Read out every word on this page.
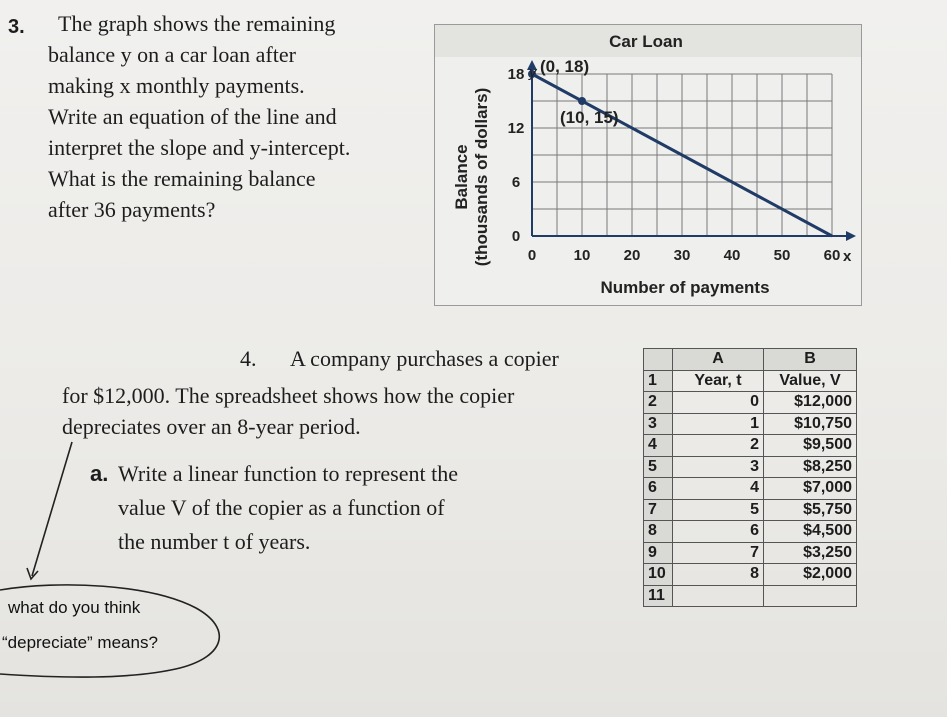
3. The graph shows the remaining
balance y on a car loan after
making x monthly payments.
Write an equation of the line and
interpret the slope and y-intercept.
What is the remaining balance
after 36 payments?
Car Loan
0 10 20 30 40 50 60
0
6
12
18 (0, 18)
(10, 15)
y
x
Number of payments
Balance (thousands of dollars)
4. A company purchases a copier
for $12,000. The spreadsheet shows how the copier
depreciates over an 8-year period.
a. Write a linear function to represent the
value V of the copier as a function of
the number t of years.
	A	B
1	Year, t	Value, V
2	0	$12,000
3	1	$10,750
4	2	$9,500
5	3	$8,250
6	4	$7,000
7	5	$5,750
8	6	$4,500
9	7	$3,250
10	8	$2,000
11		
what do you think
“depreciate” means?
